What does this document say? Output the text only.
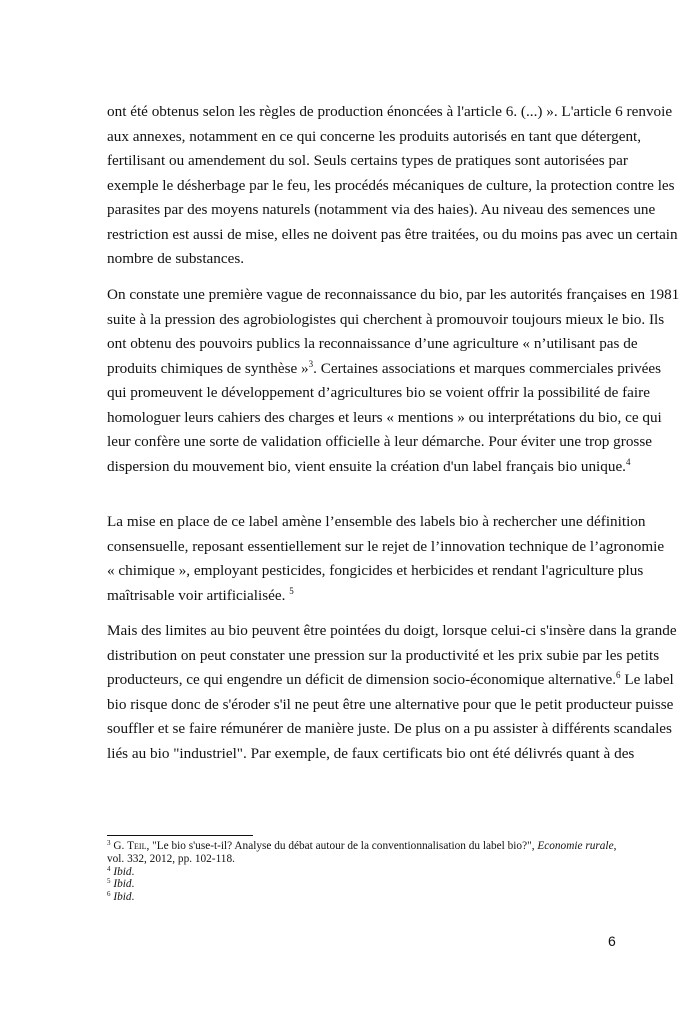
ont été obtenus selon les règles de production énoncées à l'article 6. (...) ». L'article 6 renvoie
aux annexes, notamment en ce qui concerne les produits autorisés en tant que détergent,
fertilisant ou amendement du sol. Seuls certains types de pratiques sont autorisées par
exemple le désherbage par le feu, les procédés mécaniques de culture, la protection contre les
parasites par des moyens naturels (notamment via des haies). Au niveau des semences une
restriction est aussi de mise, elles ne doivent pas être traitées, ou du moins pas avec un certain
nombre de substances.
On constate une première vague de reconnaissance du bio, par les autorités françaises en 1981
suite à la pression des agrobiologistes qui cherchent à promouvoir toujours mieux le bio. Ils
ont obtenu des pouvoirs publics la reconnaissance d’une agriculture « n’utilisant pas de
produits chimiques de synthèse »$^3$. Certaines associations et marques commerciales privées
qui promeuvent le développement d’agricultures bio se voient offrir la possibilité de faire
homologuer leurs cahiers des charges et leurs « mentions » ou interprétations du bio, ce qui
leur confère une sorte de validation officielle à leur démarche. Pour éviter une trop grosse
dispersion du mouvement bio, vient ensuite la création d'un label français bio unique.$^4$
La mise en place de ce label amène l’ensemble des labels bio à rechercher une définition
consensuelle, reposant essentiellement sur le rejet de l’innovation technique de l’agronomie
« chimique », employant pesticides, fongicides et herbicides et rendant l'agriculture plus
maîtrisable voir artificialisée. $^5$
Mais des limites au bio peuvent être pointées du doigt, lorsque celui-ci s'insère dans la grande
distribution on peut constater une pression sur la productivité et les prix subie par les petits
producteurs, ce qui engendre un déficit de dimension socio-économique alternative.$^6$ Le label
bio risque donc de s'éroder s'il ne peut être une alternative pour que le petit producteur puisse
souffler et se faire rémunérer de manière juste. De plus on a pu assister à différents scandales
liés au bio "industriel". Par exemple, de faux certificats bio ont été délivrés quant à des
$^3$ G. Teil, "Le bio s'use-t-il? Analyse du débat autour de la conventionnalisation du label bio?", Economie rurale,
vol. 332, 2012, pp. 102-118.
$^4$ Ibid.
$^5$ Ibid.
$^6$ Ibid.
6
